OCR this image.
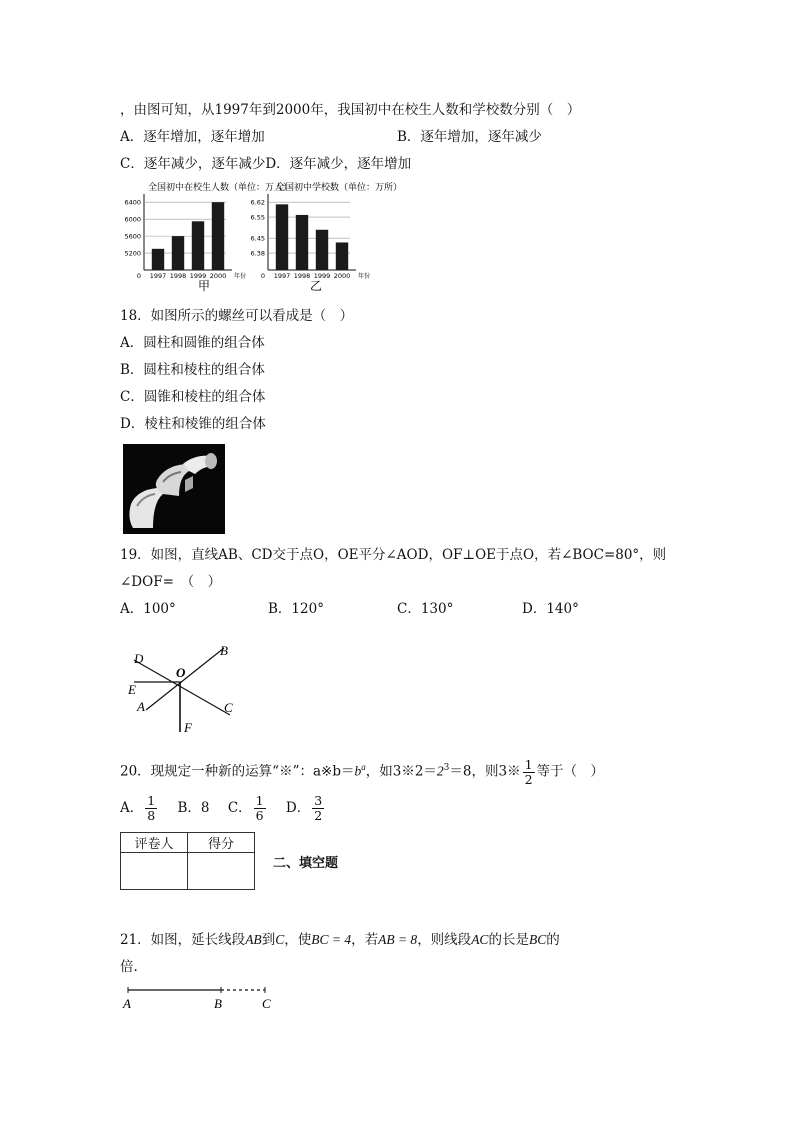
，由图可知，从1997年到2000年，我国初中在校生人数和学校数分别（　）
A．逐年增加，逐年增加	B．逐年增加，逐年减少
C．逐年减少，逐年减少D．逐年减少，逐年增加
全国初中在校生人数（单位：万人）
6400
6000
5600
5200
0	年份
1997 1998 1999 2000
甲
全国初中学校数（单位：万所）
6.62
6.55
6.45
6.38
0	年份
1997 1998 1999 2000
乙
18．如图所示的螺丝可以看成是（　）
A．圆柱和圆锥的组合体
B．圆柱和棱柱的组合体
C．圆锥和棱柱的组合体
D．棱柱和棱锥的组合体
19．如图，直线AB、CD交于点O，OE平分∠AOD，OF⊥OE于点O，若∠BOC=80°，则
∠DOF=　（　）
A．100°	B．120°	C．130°	D．140°
D
O
B
E
A	C
F
20．现规定一种新的运算“※”：$a※b=b^a$，如$3※2=2^3=8$，则3※ $\frac{1}{2}$ 等于（　）
A． $\frac{1}{8}$ B．8 C． $\frac{1}{6}$ D． $\frac{3}{2}$
评卷人	得分

二、填空题
21．如图，延长线段AB到C，使BC = 4，若AB = 8，则线段AC的长是BC的
倍.
A	B	C
